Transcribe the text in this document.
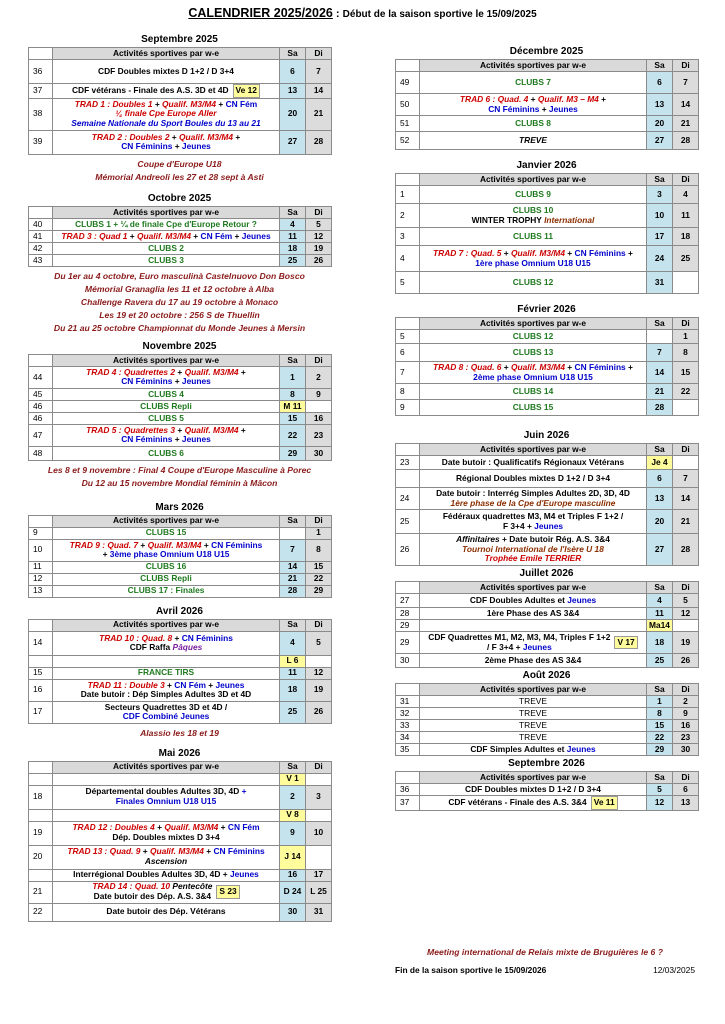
CALENDRIER 2025/2026 : Début de la saison sportive le 15/09/2025
Septembre 2025
	Activités sportives par w-e	Sa	Di
36	CDF Doubles mixtes D 1+2 / D 3+4	6	7
37	CDF vétérans - Finale des A.S. 3D et 4D Ve 12	13	14
38	TRAD 1 : Doubles 1 + Qualif. M3/M4 + CN Fém
¼ finale Cpe Europe Aller
Semaine Nationale du Sport Boules du 13 au 21	20	21
39	TRAD 2 : Doubles 2 + Qualif. M3/M4 +
CN Féminins + Jeunes	27	28
Coupe d'Europe U18
Mémorial Andreoli les 27 et 28 sept à Asti
Octobre 2025
	Activités sportives par w-e	Sa	Di
40	CLUBS 1 + ¼ de finale Cpe d'Europe Retour ?	4	5
41	TRAD 3 : Quad 1 + Qualif. M3/M4 + CN Fém + Jeunes	11	12
42	CLUBS 2	18	19
43	CLUBS 3	25	26
Du 1er au 4 octobre, Euro masculinà Castelnuovo Don Bosco
Mémorial Granaglia les 11 et 12 octobre à Alba
Challenge Ravera du 17 au 19 octobre à Monaco
Les 19 et 20 octobre : 256 S de Thuellin
Du 21 au 25 octobre Championnat du Monde Jeunes à Mersin
Novembre 2025
	Activités sportives par w-e	Sa	Di
44	TRAD 4 : Quadrettes 2 + Qualif. M3/M4 +
CN Féminins + Jeunes	1	2
45	CLUBS 4	8	9
46	CLUBS Repli	M 11	
46	CLUBS 5	15	16
47	TRAD 5 : Quadrettes 3 + Qualif. M3/M4 +
CN Féminins + Jeunes	22	23
48	CLUBS 6	29	30
Les 8 et 9 novembre : Final 4 Coupe d'Europe Masculine à Porec
Du 12 au 15 novembre Mondial féminin à Mâcon
Mars 2026
	Activités sportives par w-e	Sa	Di
9	CLUBS 15		1
10	TRAD 9 : Quad. 7 + Qualif. M3/M4 + CN Féminins
+ 3ème phase Omnium U18 U15	7	8
11	CLUBS 16	14	15
12	CLUBS Repli	21	22
13	CLUBS 17 : Finales	28	29
Avril 2026
	Activités sportives par w-e	Sa	Di
14	TRAD 10 : Quad. 8 + CN Féminins
CDF Raffa Pâques	4	5
		L 6	
15	FRANCE TIRS	11	12
16	TRAD 11 : Double 3 + CN Fém + Jeunes
Date butoir : Dép Simples Adultes 3D et 4D	18	19
17	Secteurs Quadrettes 3D et 4D /
CDF Combiné Jeunes	25	26
Alassio les 18 et 19
Mai 2026
	Activités sportives par w-e	Sa	Di
		V 1	
18	Départemental doubles Adultes 3D, 4D +
Finales Omnium U18 U15	2	3
		V 8	
19	TRAD 12 : Doubles 4 + Qualif. M3/M4 + CN Fém
Dép. Doubles mixtes D 3+4	9	10
20	TRAD 13 : Quad. 9 + Qualif. M3/M4 + CN Féminins
Ascension	J 14	
	Interrégional Doubles Adultes 3D, 4D + Jeunes	16	17
21	TRAD 14 : Quad. 10 Pentecôte
Date butoir des Dép. A.S. 3&4 S 23	D 24	L 25
22	Date butoir des Dép. Vétérans	30	31
Décembre 2025
	Activités sportives par w-e	Sa	Di
49	CLUBS 7	6	7
50	TRAD 6 : Quad. 4 + Qualif. M3 – M4 +
CN Féminins + Jeunes	13	14
51	CLUBS 8	20	21
52	TREVE	27	28
Janvier 2026
	Activités sportives par w-e	Sa	Di
1	CLUBS 9	3	4
2	CLUBS 10
WINTER TROPHY International	10	11
3	CLUBS 11	17	18
4	TRAD 7 : Quad. 5 + Qualif. M3/M4 + CN Féminins +
1ère phase Omnium U18 U15	24	25
5	CLUBS 12	31	
Février 2026
	Activités sportives par w-e	Sa	Di
5	CLUBS 12		1
6	CLUBS 13	7	8
7	TRAD 8 : Quad. 6 + Qualif. M3/M4 + CN Féminins +
2ème phase Omnium U18 U15	14	15
8	CLUBS 14	21	22
9	CLUBS 15	28	
Juin 2026
	Activités sportives par w-e	Sa	Di
23	Date butoir : Qualificatifs Régionaux Vétérans	Je 4	
	Régional Doubles mixtes D 1+2 / D 3+4	6	7
24	Date butoir : Interrég Simples Adultes 2D, 3D, 4D
1ère phase de la Cpe d'Europe masculine	13	14
25	Fédéraux quadrettes M3, M4 et Triples F 1+2 /
F 3+4 + Jeunes	20	21
26	Affinitaires + Date butoir Rég. A.S. 3&4
Tournoi International de l'Isère U 18
Trophée Emile TERRIER	27	28
Juillet 2026
	Activités sportives par w-e	Sa	Di
27	CDF Doubles Adultes et Jeunes	4	5
28	1ère Phase des AS 3&4	11	12
29		Ma14	
29	CDF Quadrettes M1, M2, M3, M4, Triples F 1+2
/ F 3+4 + Jeunes V 17	18	19
30	2ème Phase des AS 3&4	25	26
Août 2026
	Activités sportives par w-e	Sa	Di
31	TREVE	1	2
32	TREVE	8	9
33	TREVE	15	16
34	TREVE	22	23
35	CDF Simples Adultes et Jeunes	29	30
Septembre 2026
	Activités sportives par w-e	Sa	Di
36	CDF Doubles mixtes D 1+2 / D 3+4	5	6
37	CDF vétérans - Finale des A.S. 3&4 Ve 11	12	13
Meeting international de Relais mixte de Bruguières le 6 ?
Fin de la saison sportive le 15/09/2026	12/03/2025
